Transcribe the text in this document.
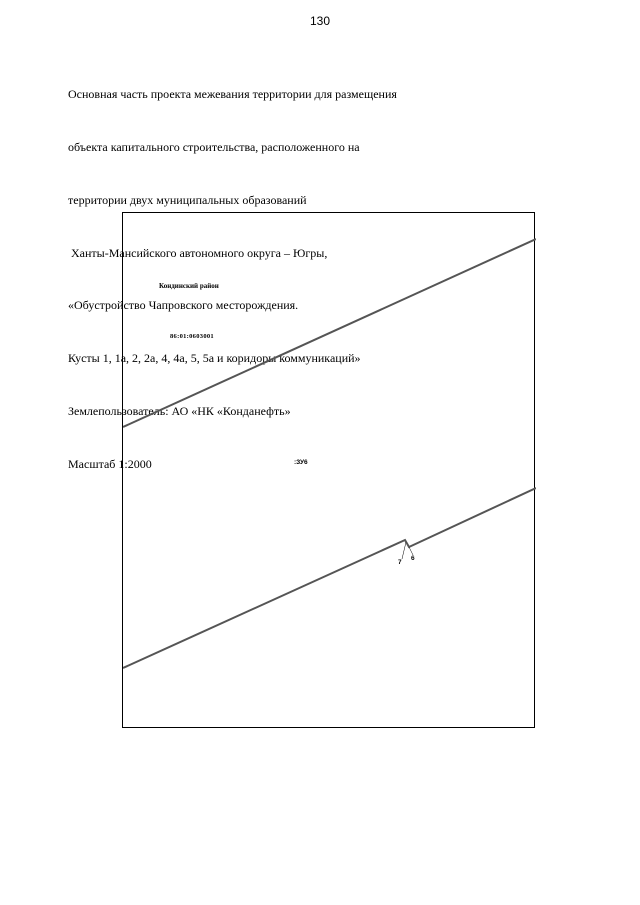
130

Основная часть проекта межевания территории для размещения

объекта капитального строительства, расположенного на

территории двух муниципальных образований

Ханты-Мансийского автономного округа – Югры,

«Обустройство Чапровского месторождения.

Кусты 1, 1а, 2, 2а, 4, 4а, 5, 5а и коридоры коммуникаций»

Землепользователь: АО «НК «Конданефть»

Масштаб 1:2000

Кондинский район
86:01:0603001
:ЗУ6
7
6
